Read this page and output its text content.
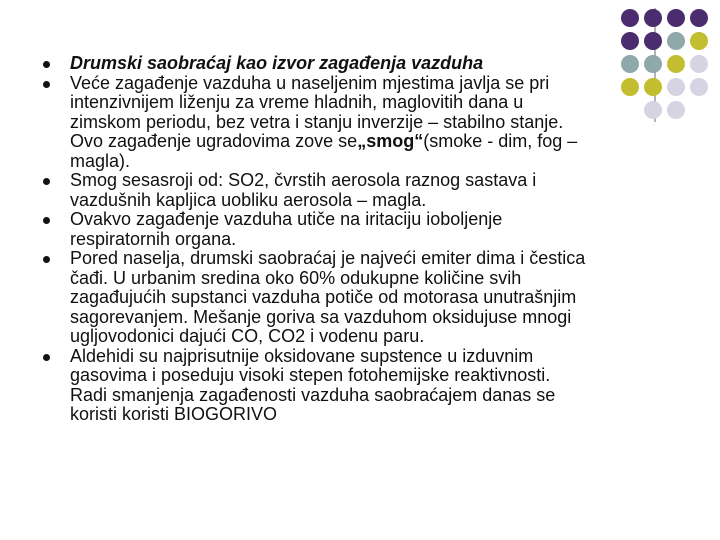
Drumski saobraćaj kao izvor zagađenja vazduha
Veće zagađenje vazduha u naseljenim mjestima javlja se pri
intenzivnijem liženju za vreme hladnih, maglovitih dana u
zimskom periodu, bez vetra i stanju inverzije – stabilno stanje.
Ovo zagađenje ugradovima zove se„smog“(smoke - dim, fog –
magla).
Smog sesasroji od: SO2, čvrstih aerosola raznog sastava i
vazdušnih kapljica uobliku aerosola – magla.
Ovakvo zagađenje vazduha utiče na iritaciju ioboljenje
respiratornih organa.
Pored naselja, drumski saobraćaj je najveći emiter dima i čestica
čađi. U urbanim sredina oko 60% odukupne količine svih
zagađujućih supstanci vazduha potiče od motorasa unutrašnjim
sagorevanjem. Mešanje goriva sa vazduhom oksidujuse mnogi
ugljovodonici dajući CO, CO2 i vodenu paru.
Aldehidi su najprisutnije oksidovane supstence u izduvnim
gasovima i poseduju visoki stepen fotohemijske reaktivnosti.
Radi smanjenja zagađenosti vazduha saobraćajem danas se
koristi koristi BIOGORIVO
